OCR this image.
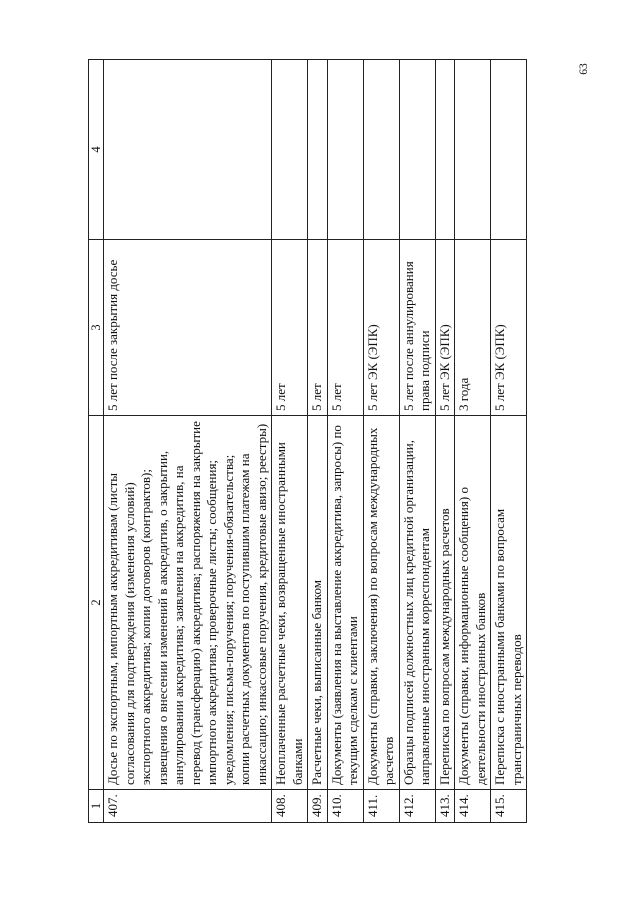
63
1	2	3	4
407.	Досье по экспортным, импортным аккредитивам (листы согласования для подтверждения (изменения условий) экспортного аккредитива; копии договоров (контрактов); извещения о внесении изменений в аккредитив, о закрытии, аннулировании аккредитива; заявления на аккредитив, на перевод (трансферацию) аккредитива; распоряжения на закрытие импортного аккредитива; проверочные листы; сообщения; уведомления; письма-поручения; поручения-обязательства; копии расчетных документов по поступившим платежам на инкассацию; инкассовые поручения, кредитовые авизо; реестры)	5 лет после закрытия досье	
408.	Неоплаченные расчетные чеки, возвращенные иностранными банками	5 лет	
409.	Расчетные чеки, выписанные банком	5 лет	
410.	Документы (заявления на выставление аккредитива, запросы) по текущим сделкам с клиентами	5 лет	
411.	Документы (справки, заключения) по вопросам международных расчетов	5 лет ЭК (ЭПК)	
412.	Образцы подписей должностных лиц кредитной организации, направленные иностранным корреспондентам	5 лет после аннулирования права подписи	
413.	Переписка по вопросам международных расчетов	5 лет ЭК (ЭПК)	
414.	Документы (справки, информационные сообщения) о деятельности иностранных банков	3 года	
415.	Переписка с иностранными банками по вопросам трансграничных переводов	5 лет ЭК (ЭПК)	
